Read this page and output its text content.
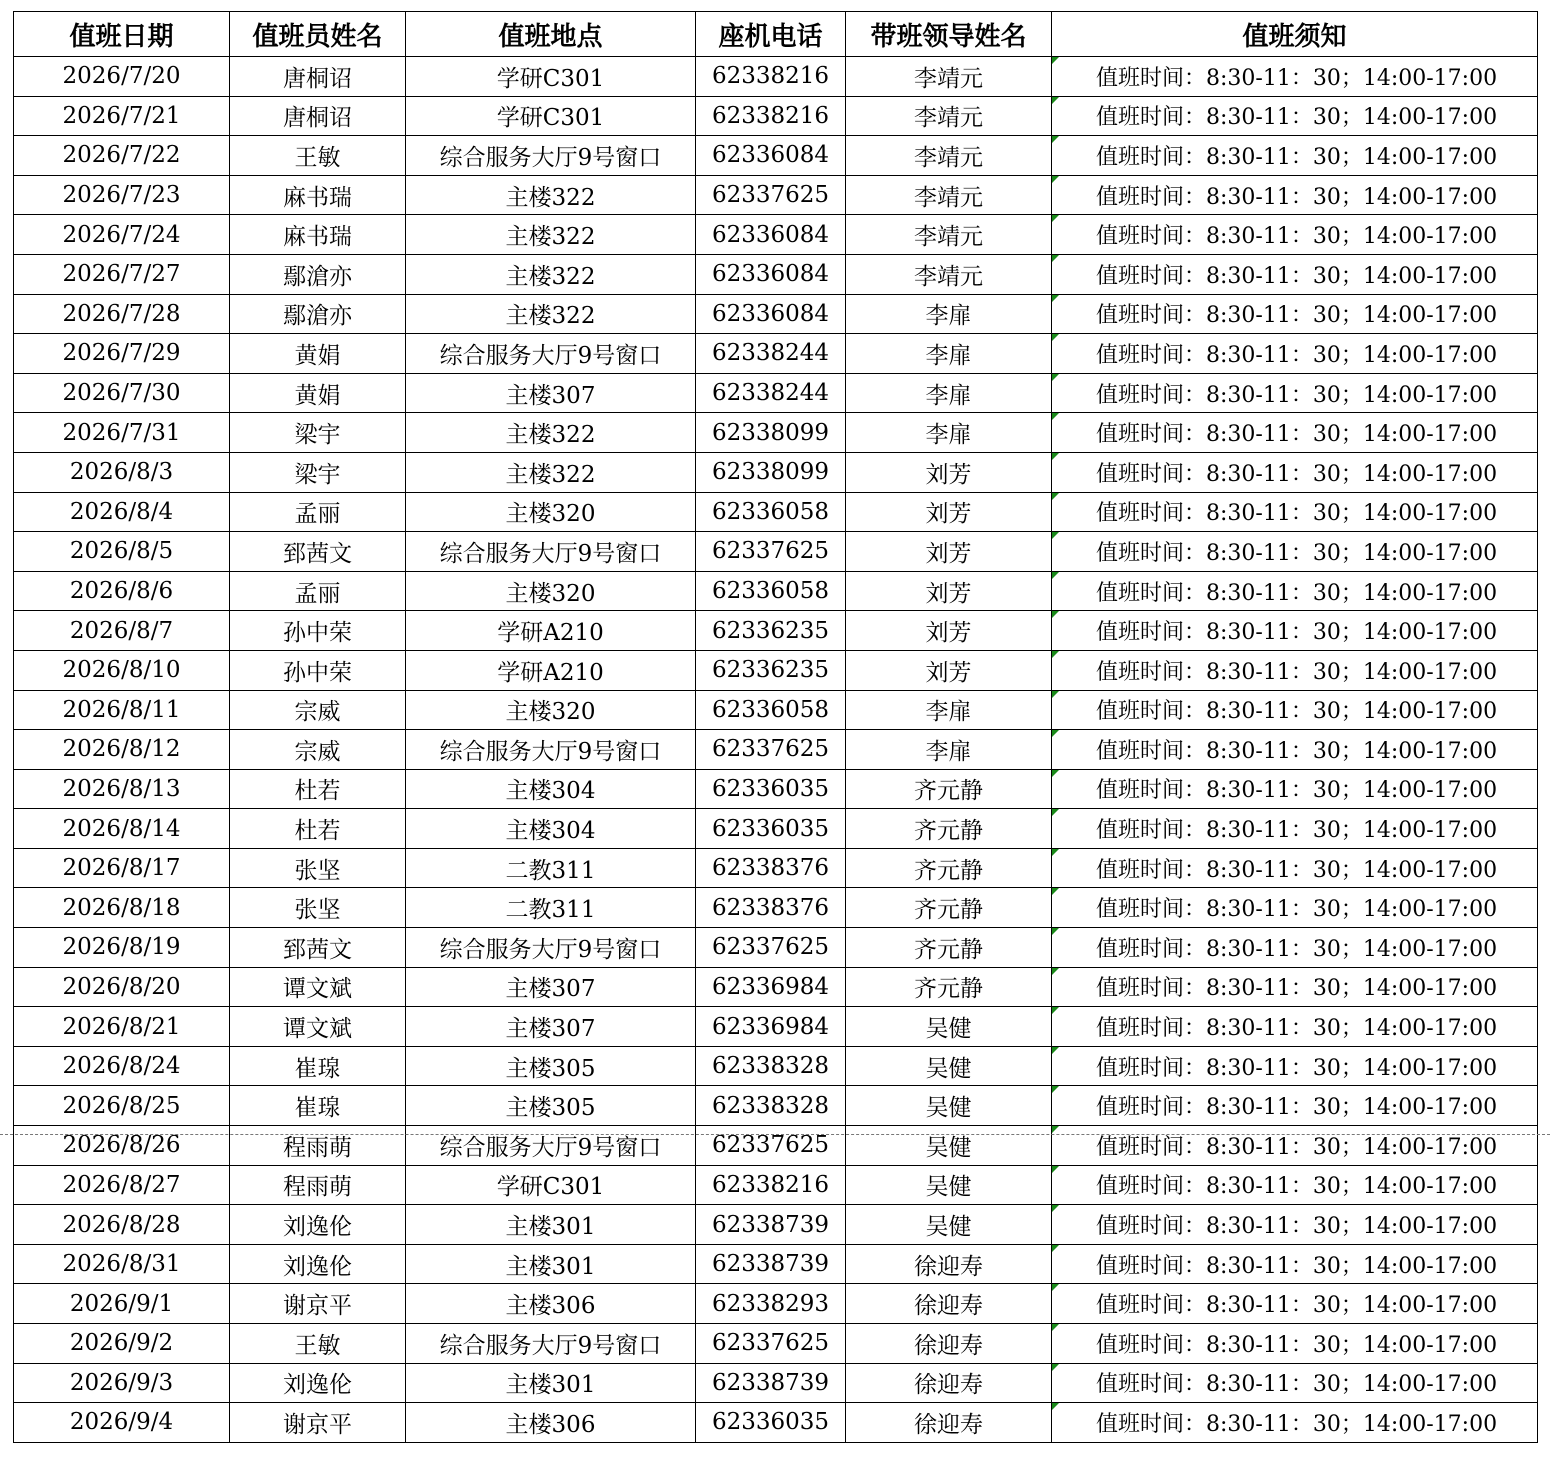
值班日期	值班员姓名	值班地点	座机电话	带班领导姓名	值班须知
2026/7/20	唐桐诏	学研C301	62338216	李靖元	值班时间：8:30-11：30；14:00-17:00
2026/7/21	唐桐诏	学研C301	62338216	李靖元	值班时间：8:30-11：30；14:00-17:00
2026/7/22	王敏	综合服务大厅9号窗口	62336084	李靖元	值班时间：8:30-11：30；14:00-17:00
2026/7/23	麻书瑞	主楼322	62337625	李靖元	值班时间：8:30-11：30；14:00-17:00
2026/7/24	麻书瑞	主楼322	62336084	李靖元	值班时间：8:30-11：30；14:00-17:00
2026/7/27	鄢滄亦	主楼322	62336084	李靖元	值班时间：8:30-11：30；14:00-17:00
2026/7/28	鄢滄亦	主楼322	62336084	李扉	值班时间：8:30-11：30；14:00-17:00
2026/7/29	黄娟	综合服务大厅9号窗口	62338244	李扉	值班时间：8:30-11：30；14:00-17:00
2026/7/30	黄娟	主楼307	62338244	李扉	值班时间：8:30-11：30；14:00-17:00
2026/7/31	梁宇	主楼322	62338099	李扉	值班时间：8:30-11：30；14:00-17:00
2026/8/3	梁宇	主楼322	62338099	刘芳	值班时间：8:30-11：30；14:00-17:00
2026/8/4	孟丽	主楼320	62336058	刘芳	值班时间：8:30-11：30；14:00-17:00
2026/8/5	郅茜文	综合服务大厅9号窗口	62337625	刘芳	值班时间：8:30-11：30；14:00-17:00
2026/8/6	孟丽	主楼320	62336058	刘芳	值班时间：8:30-11：30；14:00-17:00
2026/8/7	孙中荣	学研A210	62336235	刘芳	值班时间：8:30-11：30；14:00-17:00
2026/8/10	孙中荣	学研A210	62336235	刘芳	值班时间：8:30-11：30；14:00-17:00
2026/8/11	宗威	主楼320	62336058	李扉	值班时间：8:30-11：30；14:00-17:00
2026/8/12	宗威	综合服务大厅9号窗口	62337625	李扉	值班时间：8:30-11：30；14:00-17:00
2026/8/13	杜若	主楼304	62336035	齐元静	值班时间：8:30-11：30；14:00-17:00
2026/8/14	杜若	主楼304	62336035	齐元静	值班时间：8:30-11：30；14:00-17:00
2026/8/17	张坚	二教311	62338376	齐元静	值班时间：8:30-11：30；14:00-17:00
2026/8/18	张坚	二教311	62338376	齐元静	值班时间：8:30-11：30；14:00-17:00
2026/8/19	郅茜文	综合服务大厅9号窗口	62337625	齐元静	值班时间：8:30-11：30；14:00-17:00
2026/8/20	谭文斌	主楼307	62336984	齐元静	值班时间：8:30-11：30；14:00-17:00
2026/8/21	谭文斌	主楼307	62336984	吴健	值班时间：8:30-11：30；14:00-17:00
2026/8/24	崔瑔	主楼305	62338328	吴健	值班时间：8:30-11：30；14:00-17:00
2026/8/25	崔瑔	主楼305	62338328	吴健	值班时间：8:30-11：30；14:00-17:00
2026/8/26	程雨萌	综合服务大厅9号窗口	62337625	吴健	值班时间：8:30-11：30；14:00-17:00
2026/8/27	程雨萌	学研C301	62338216	吴健	值班时间：8:30-11：30；14:00-17:00
2026/8/28	刘逸伦	主楼301	62338739	吴健	值班时间：8:30-11：30；14:00-17:00
2026/8/31	刘逸伦	主楼301	62338739	徐迎寿	值班时间：8:30-11：30；14:00-17:00
2026/9/1	谢京平	主楼306	62338293	徐迎寿	值班时间：8:30-11：30；14:00-17:00
2026/9/2	王敏	综合服务大厅9号窗口	62337625	徐迎寿	值班时间：8:30-11：30；14:00-17:00
2026/9/3	刘逸伦	主楼301	62338739	徐迎寿	值班时间：8:30-11：30；14:00-17:00
2026/9/4	谢京平	主楼306	62336035	徐迎寿	值班时间：8:30-11：30；14:00-17:00
